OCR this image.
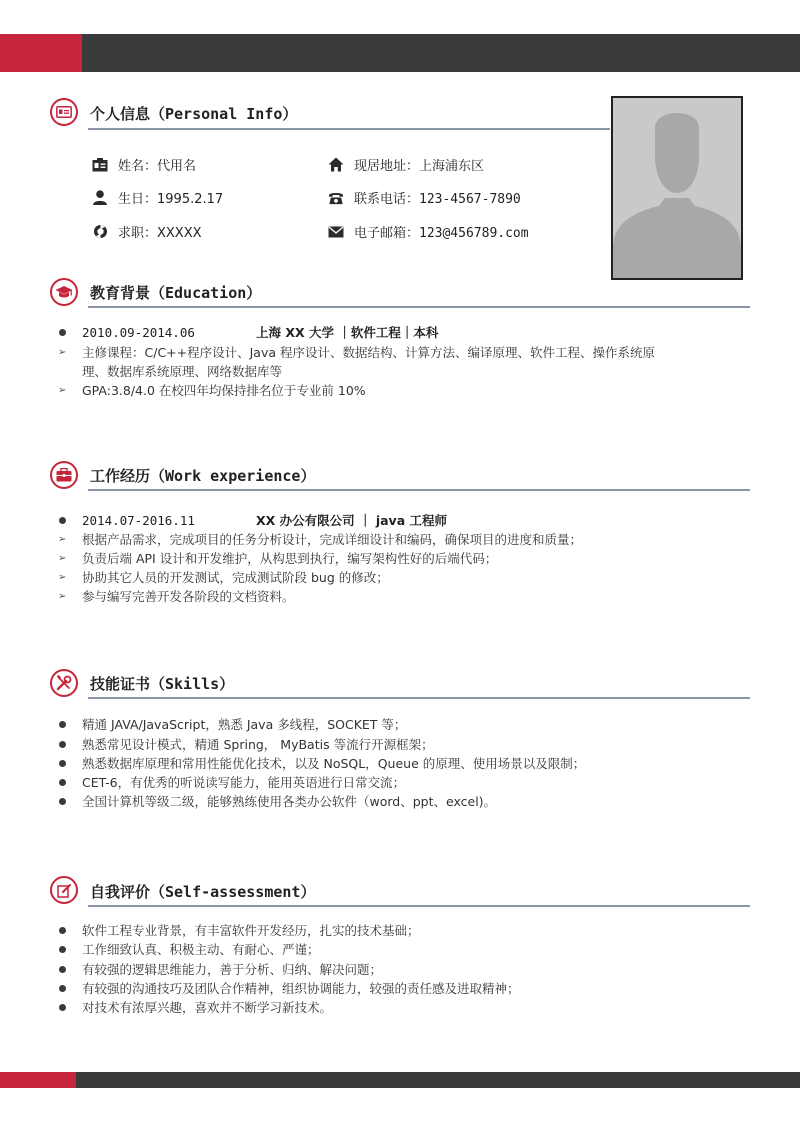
个人信息（Personal Info）
姓名：代用名
生日：1995.2.17
求职：XXXXX
现居地址：上海浦东区
联系电话：123-4567-7890
电子邮箱：123@456789.com
教育背景（Education）
2010.09-2014.06	上海 XX 大学 ｜软件工程｜本科
➢ 主修课程：C/C++程序设计、Java 程序设计、数据结构、计算方法、编译原理、软件工程、操作系统原
理、数据库系统原理、网络数据库等
➢ GPA:3.8/4.0 在校四年均保持排名位于专业前 10%
工作经历（Work experience）
2014.07-2016.11	XX 办公有限公司 ｜ java 工程师
➢ 根据产品需求，完成项目的任务分析设计，完成详细设计和编码，确保项目的进度和质量；
➢ 负责后端 API 设计和开发维护，从构思到执行，编写架构性好的后端代码；
➢ 协助其它人员的开发测试，完成测试阶段 bug 的修改；
➢ 参与编写完善开发各阶段的文档资料。
技能证书（Skills）
精通 JAVA/JavaScript，熟悉 Java 多线程，SOCKET 等；
熟悉常见设计模式，精通 Spring， MyBatis 等流行开源框架；
熟悉数据库原理和常用性能优化技术，以及 NoSQL，Queue 的原理、使用场景以及限制；
CET-6，有优秀的听说读写能力，能用英语进行日常交流；
全国计算机等级二级，能够熟练使用各类办公软件（word、ppt、excel)。
自我评价（Self-assessment）
软件工程专业背景，有丰富软件开发经历，扎实的技术基础；
工作细致认真、积极主动、有耐心、严谨；
有较强的逻辑思维能力，善于分析、归纳、解决问题；
有较强的沟通技巧及团队合作精神，组织协调能力，较强的责任感及进取精神；
对技术有浓厚兴趣，喜欢并不断学习新技术。
